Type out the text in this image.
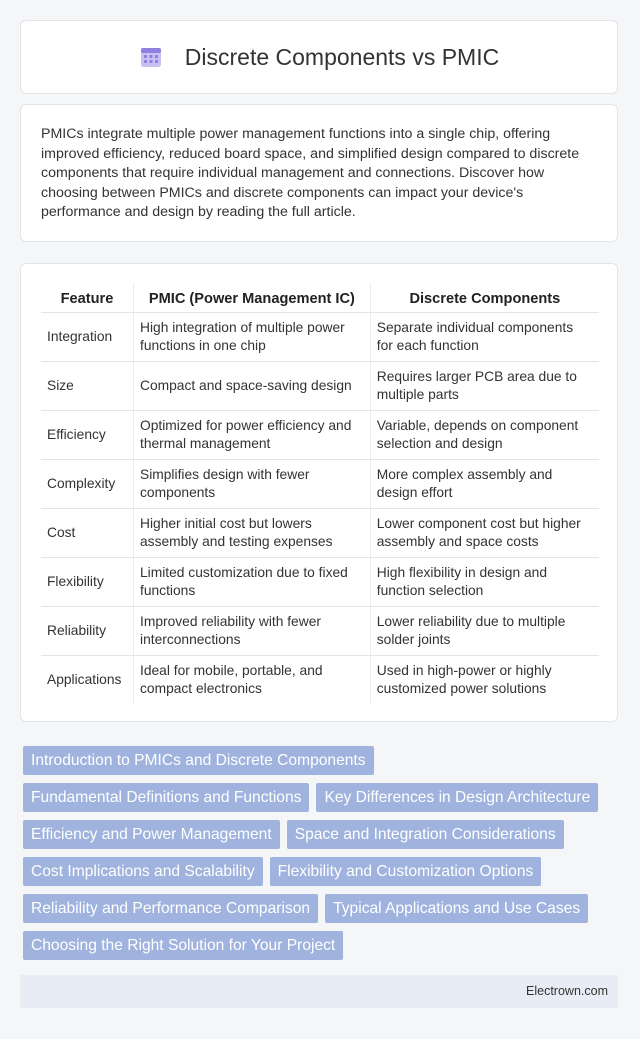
Discrete Components vs PMIC

PMICs integrate multiple power management functions into a single chip, offering improved efficiency, reduced board space, and simplified design compared to discrete components that require individual management and connections. Discover how choosing between PMICs and discrete components can impact your device's performance and design by reading the full article.

Feature	PMIC (Power Management IC)	Discrete Components
Integration	High integration of multiple power functions in one chip	Separate individual components for each function
Size	Compact and space-saving design	Requires larger PCB area due to multiple parts
Efficiency	Optimized for power efficiency and thermal management	Variable, depends on component selection and design
Complexity	Simplifies design with fewer components	More complex assembly and design effort
Cost	Higher initial cost but lowers assembly and testing expenses	Lower component cost but higher assembly and space costs
Flexibility	Limited customization due to fixed functions	High flexibility in design and function selection
Reliability	Improved reliability with fewer interconnections	Lower reliability due to multiple solder joints
Applications	Ideal for mobile, portable, and compact electronics	Used in high-power or highly customized power solutions
Introduction to PMICs and Discrete ComponentsFundamental Definitions and Functions Key Differences in Design ArchitectureEfficiency and Power Management Space and Integration ConsiderationsCost Implications and Scalability Flexibility and Customization OptionsReliability and Performance Comparison Typical Applications and Use CasesChoosing the Right Solution for Your Project
Electrown.com
